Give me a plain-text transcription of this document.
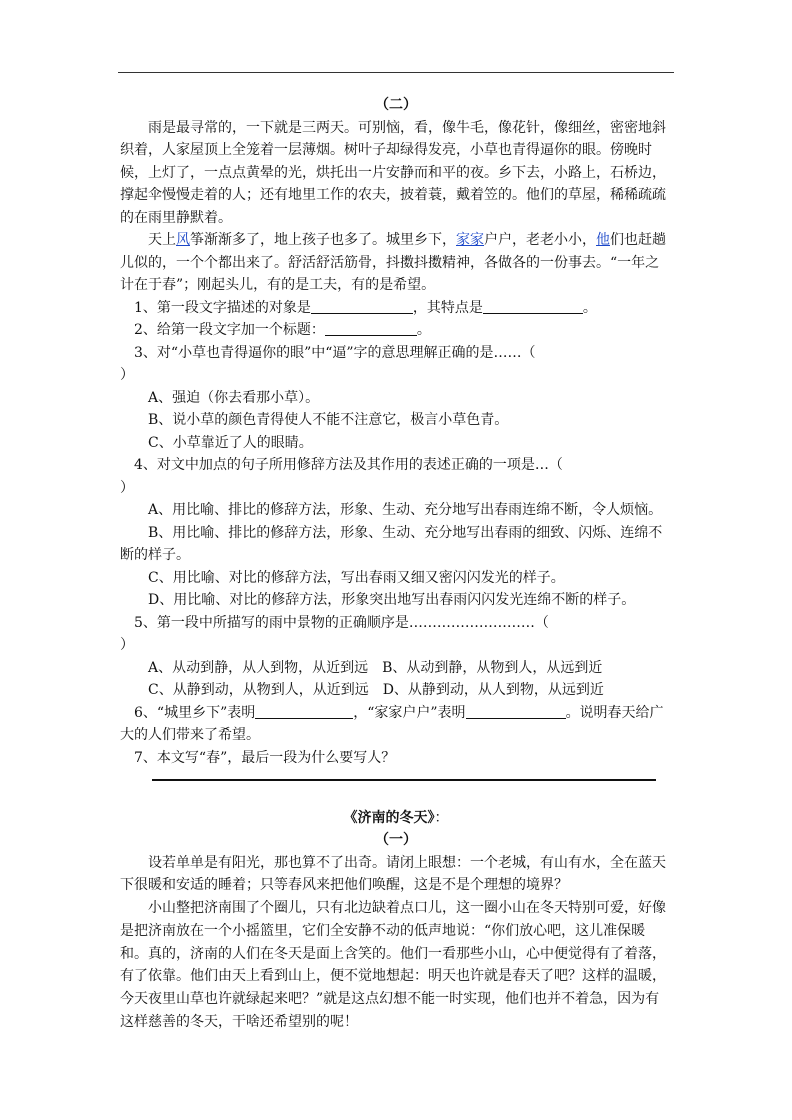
（二）

雨是最寻常的，一下就是三两天。可别恼，看，像牛毛，像花针，像细丝，密密地斜织着，人家屋顶上全笼着一层薄烟。树叶子却绿得发亮，小草也青得逼你的眼。傍晚时候，上灯了，一点点黄晕的光，烘托出一片安静而和平的夜。乡下去，小路上，石桥边，撑起伞慢慢走着的人；还有地里工作的农夫，披着蓑，戴着笠的。他们的草屋，稀稀疏疏的在雨里静默着。

天上风筝渐渐多了，地上孩子也多了。城里乡下，家家户户，老老小小，他们也赶趟儿似的，一个个都出来了。舒活舒活筋骨，抖擞抖擞精神，各做各的一份事去。“一年之计在于春”；刚起头儿，有的是工夫，有的是希望。

1、第一段文字描述的对象是	，其特点是	。

2、给第一段文字加一个标题：	。

3、对“小草也青得逼你的眼”中“逼”字的意思理解正确的是……（

）

A、强迫（你去看那小草）。

B、说小草的颜色青得使人不能不注意它，极言小草色青。

C、小草靠近了人的眼睛。

4、对文中加点的句子所用修辞方法及其作用的表述正确的一项是…（

）

A、用比喻、排比的修辞方法，形象、生动、充分地写出春雨连绵不断，令人烦恼。

B、用比喻、排比的修辞方法，形象、生动、充分地写出春雨的细致、闪烁、连绵不断的样子。

C、用比喻、对比的修辞方法，写出春雨又细又密闪闪发光的样子。

D、用比喻、对比的修辞方法，形象突出地写出春雨闪闪发光连绵不断的样子。

5、第一段中所描写的雨中景物的正确顺序是………………………（

）

A、从动到静，从人到物，从近到远　B、从动到静，从物到人，从远到近

C、从静到动，从物到人，从近到远　D、从静到动，从人到物，从远到近

6、“城里乡下”表明	，“家家户户”表明	。说明春天给广大的人们带来了希望。

7、本文写“春”，最后一段为什么要写人？

《济南的冬天》：

（一）

设若单单是有阳光，那也算不了出奇。请闭上眼想：一个老城，有山有水，全在蓝天下很暖和安适的睡着；只等春风来把他们唤醒，这是不是个理想的境界？

小山整把济南围了个圈儿，只有北边缺着点口儿，这一圈小山在冬天特别可爱，好像是把济南放在一个小摇篮里，它们全安静不动的低声地说：“你们放心吧，这儿准保暖和。真的，济南的人们在冬天是面上含笑的。他们一看那些小山，心中便觉得有了着落，有了依靠。他们由天上看到山上，便不觉地想起：明天也许就是春天了吧？这样的温暖，今天夜里山草也许就绿起来吧？”就是这点幻想不能一时实现，他们也并不着急，因为有这样慈善的冬天，干啥还希望别的呢！
